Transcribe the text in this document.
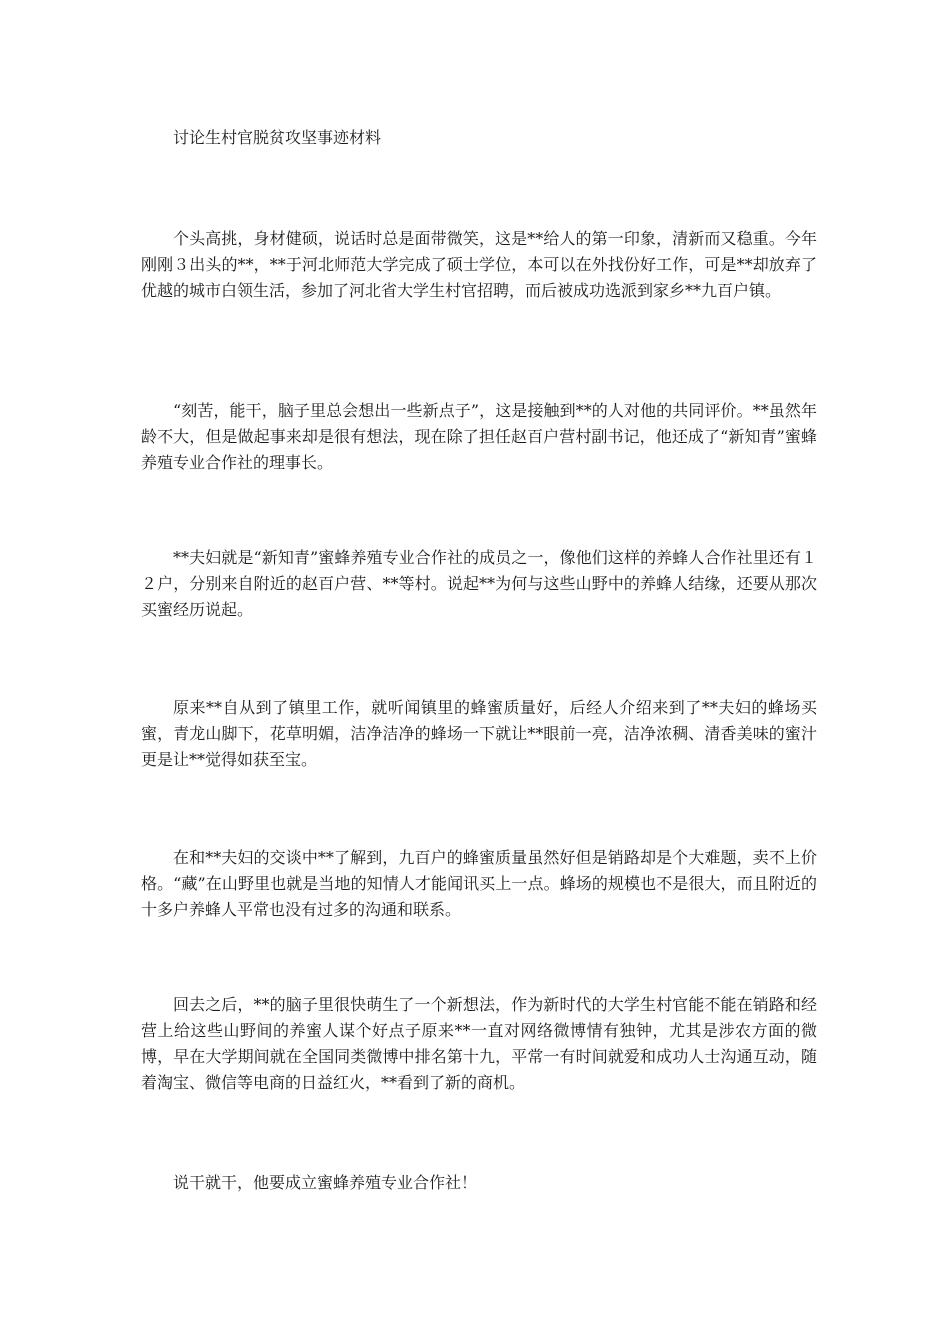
讨论生村官脱贫攻坚事迹材料

个头高挑，身材健硕，说话时总是面带微笑，这是**给人的第一印象，清新而又稳重。今年刚刚３出头的**，**于河北师范大学完成了硕士学位，本可以在外找份好工作，可是**却放弃了优越的城市白领生活，参加了河北省大学生村官招聘，而后被成功选派到家乡**九百户镇。

“刻苦，能干，脑子里总会想出一些新点子”，这是接触到**的人对他的共同评价。**虽然年龄不大，但是做起事来却是很有想法，现在除了担任赵百户营村副书记，他还成了“新知青”蜜蜂养殖专业合作社的理事长。

**夫妇就是“新知青”蜜蜂养殖专业合作社的成员之一，像他们这样的养蜂人合作社里还有１２户，分别来自附近的赵百户营、**等村。说起**为何与这些山野中的养蜂人结缘，还要从那次买蜜经历说起。

原来**自从到了镇里工作，就听闻镇里的蜂蜜质量好，后经人介绍来到了**夫妇的蜂场买蜜，青龙山脚下，花草明媚，洁净洁净的蜂场一下就让**眼前一亮，洁净浓稠、清香美味的蜜汁更是让**觉得如获至宝。

在和**夫妇的交谈中**了解到，九百户的蜂蜜质量虽然好但是销路却是个大难题，卖不上价格。“藏”在山野里也就是当地的知情人才能闻讯买上一点。蜂场的规模也不是很大，而且附近的十多户养蜂人平常也没有过多的沟通和联系。

回去之后，**的脑子里很快萌生了一个新想法，作为新时代的大学生村官能不能在销路和经营上给这些山野间的养蜜人谋个好点子原来**一直对网络微博情有独钟，尤其是涉农方面的微博，早在大学期间就在全国同类微博中排名第十九，平常一有时间就爱和成功人士沟通互动，随着淘宝、微信等电商的日益红火，**看到了新的商机。

说干就干，他要成立蜜蜂养殖专业合作社！
